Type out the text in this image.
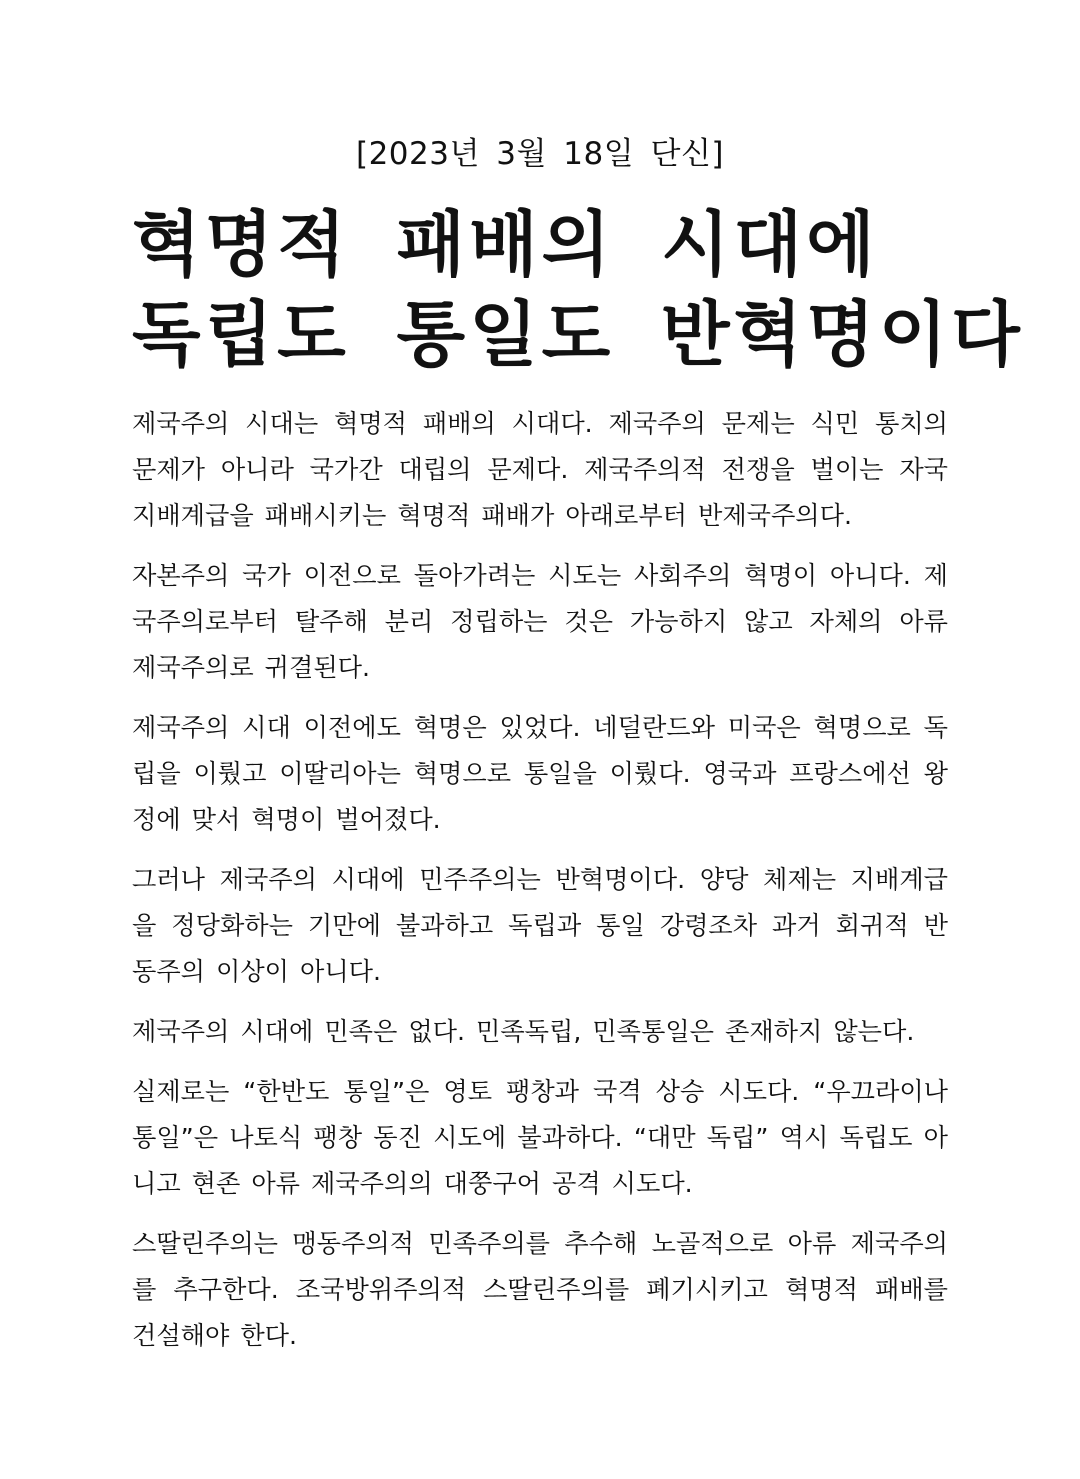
[2023년 3월 18일 단신]
혁명적 패배의 시대에
독립도 통일도 반혁명이다

제국주의 시대는 혁명적 패배의 시대다. 제국주의 문제는 식민 통치의
문제가 아니라 국가간 대립의 문제다. 제국주의적 전쟁을 벌이는 자국
지배계급을 패배시키는 혁명적 패배가 아래로부터 반제국주의다.

자본주의 국가 이전으로 돌아가려는 시도는 사회주의 혁명이 아니다. 제
국주의로부터 탈주해 분리 정립하는 것은 가능하지 않고 자체의 아류
제국주의로 귀결된다.

제국주의 시대 이전에도 혁명은 있었다. 네덜란드와 미국은 혁명으로 독
립을 이뤘고 이딸리아는 혁명으로 통일을 이뤘다. 영국과 프랑스에선 왕
정에 맞서 혁명이 벌어졌다.

그러나 제국주의 시대에 민주주의는 반혁명이다. 양당 체제는 지배계급
을 정당화하는 기만에 불과하고 독립과 통일 강령조차 과거 회귀적 반
동주의 이상이 아니다.

제국주의 시대에 민족은 없다. 민족독립, 민족통일은 존재하지 않는다.

실제로는 “한반도 통일”은 영토 팽창과 국격 상승 시도다. “우끄라이나
통일”은 나토식 팽창 동진 시도에 불과하다. “대만 독립” 역시 독립도 아
니고 현존 아류 제국주의의 대쭝구어 공격 시도다.

스딸린주의는 맹동주의적 민족주의를 추수해 노골적으로 아류 제국주의
를 추구한다. 조국방위주의적 스딸린주의를 폐기시키고 혁명적 패배를
건설해야 한다.
